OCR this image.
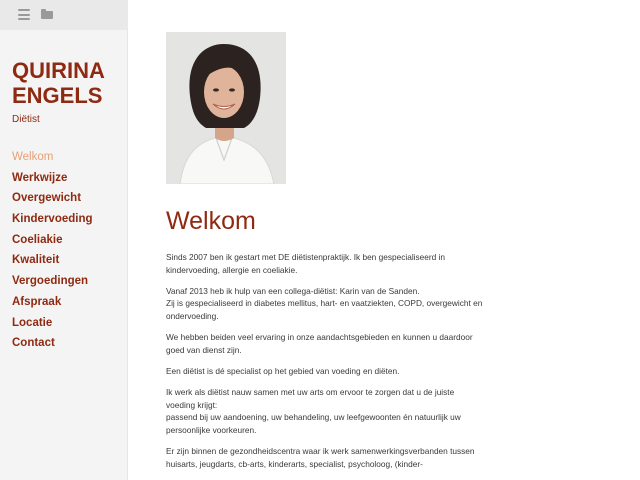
QUIRINA
ENGELS
Diëtist
Welkom
Werkwijze
Overgewicht
Kindervoeding
Coeliakie
Kwaliteit
Vergoedingen
Afspraak
Locatie
Contact
Welkom

Sinds 2007 ben ik gestart met DE diëtistenpraktijk. Ik ben gespecialiseerd in
kindervoeding, allergie en coeliakie.

Vanaf 2013 heb ik hulp van een collega-diëtist: Karin van de Sanden.
Zij is gespecialiseerd in diabetes mellitus, hart- en vaatziekten, COPD, overgewicht en
ondervoeding.

We hebben beiden veel ervaring in onze aandachtsgebieden en kunnen u daardoor
goed van dienst zijn.

Een diëtist is dé specialist op het gebied van voeding en diëten.

Ik werk als diëtist nauw samen met uw arts om ervoor te zorgen dat u de juiste
voeding krijgt:
passend bij uw aandoening, uw behandeling, uw leefgewoonten én natuurlijk uw
persoonlijke voorkeuren.

Er zijn binnen de gezondheidscentra waar ik werk samenwerkingsverbanden tussen
huisarts, jeugdarts, cb-arts, kinderarts, specialist, psycholoog, (kinder-
